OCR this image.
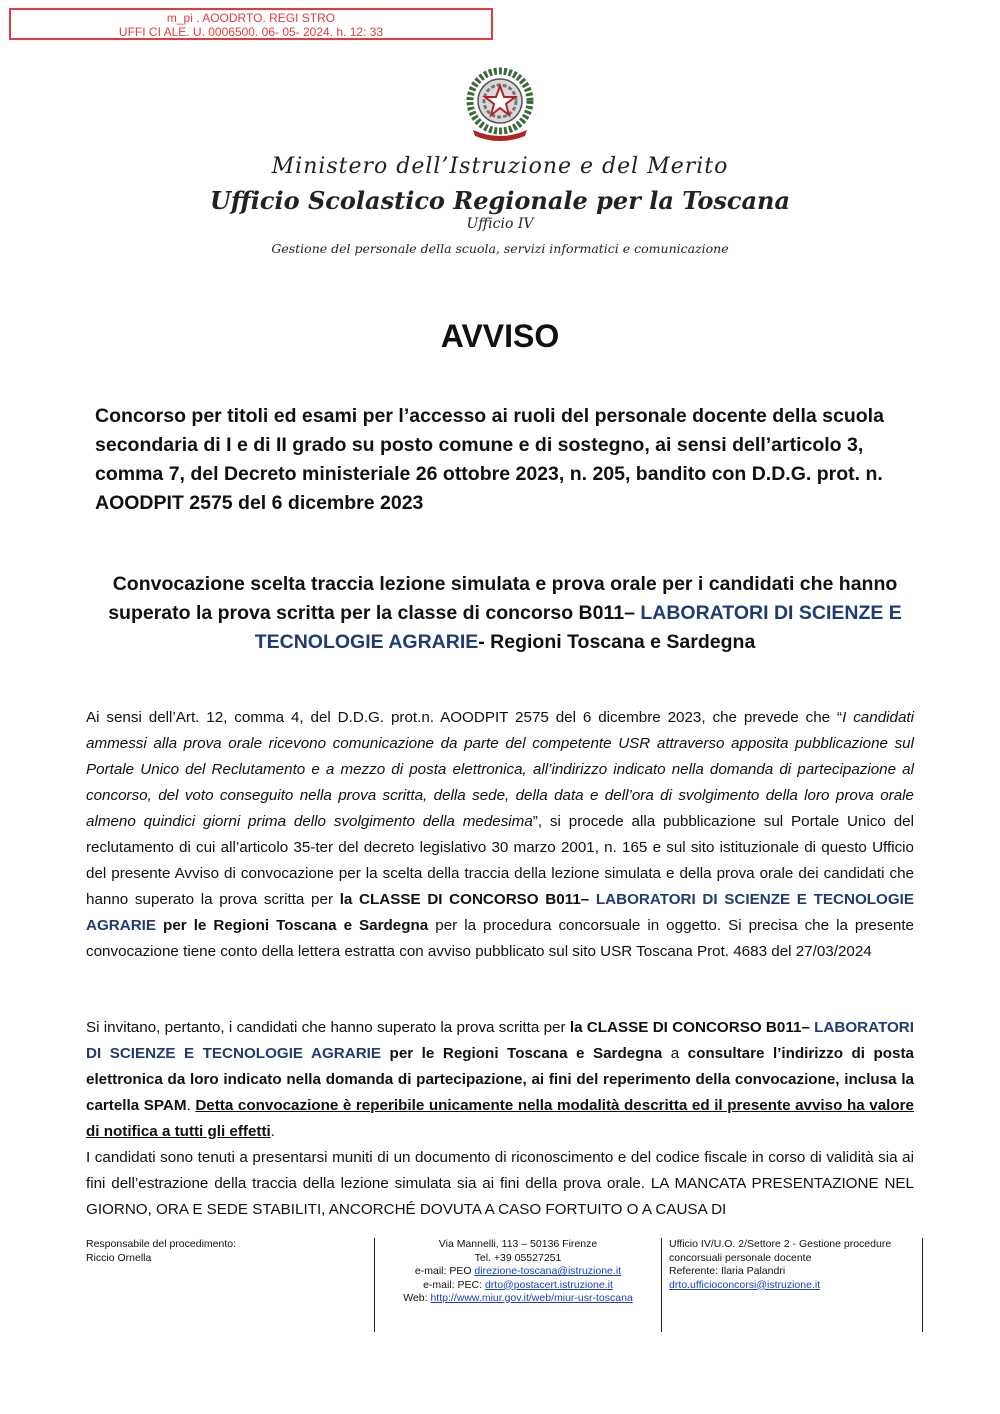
m_pi . AOODRTO. REGI STRO
UFFI CI ALE. U. 0006500. 06- 05- 2024. h. 12: 33
Ministero dell’Istruzione e del Merito
Ufficio Scolastico Regionale per la Toscana
Ufficio IV
Gestione del personale della scuola, servizi informatici e comunicazione
AVVISO
Concorso per titoli ed esami per l’accesso ai ruoli del personale docente della scuola secondaria di I e di II grado su posto comune e di sostegno, ai sensi dell’articolo 3, comma 7, del Decreto ministeriale 26 ottobre 2023, n. 205, bandito con D.D.G. prot. n. AOODPIT 2575 del 6 dicembre 2023
Convocazione scelta traccia lezione simulata e prova orale per i candidati che hanno superato la prova scritta per la classe di concorso B011– LABORATORI DI SCIENZE E TECNOLOGIE AGRARIE- Regioni Toscana e Sardegna
Ai sensi dell’Art. 12, comma 4, del D.D.G. prot.n. AOODPIT 2575 del 6 dicembre 2023, che prevede che “I candidati ammessi alla prova orale ricevono comunicazione da parte del competente USR attraverso apposita pubblicazione sul Portale Unico del Reclutamento e a mezzo di posta elettronica, all’indirizzo indicato nella domanda di partecipazione al concorso, del voto conseguito nella prova scritta, della sede, della data e dell’ora di svolgimento della loro prova orale almeno quindici giorni prima dello svolgimento della medesima”, si procede alla pubblicazione sul Portale Unico del reclutamento di cui all’articolo 35-ter del decreto legislativo 30 marzo 2001, n. 165 e sul sito istituzionale di questo Ufficio del presente Avviso di convocazione per la scelta della traccia della lezione simulata e della prova orale dei candidati che hanno superato la prova scritta per la CLASSE DI CONCORSO B011– LABORATORI DI SCIENZE E TECNOLOGIE AGRARIE per le Regioni Toscana e Sardegna per la procedura concorsuale in oggetto. Si precisa che la presente convocazione tiene conto della lettera estratta con avviso pubblicato sul sito USR Toscana Prot. 4683 del 27/03/2024
Si invitano, pertanto, i candidati che hanno superato la prova scritta per la CLASSE DI CONCORSO B011– LABORATORI DI SCIENZE E TECNOLOGIE AGRARIE per le Regioni Toscana e Sardegna a consultare l’indirizzo di posta elettronica da loro indicato nella domanda di partecipazione, ai fini del reperimento della convocazione, inclusa la cartella SPAM. Detta convocazione è reperibile unicamente nella modalità descritta ed il presente avviso ha valore di notifica a tutti gli effetti.
I candidati sono tenuti a presentarsi muniti di un documento di riconoscimento e del codice fiscale in corso di validità sia ai fini dell’estrazione della traccia della lezione simulata sia ai fini della prova orale. LA MANCATA PRESENTAZIONE NEL GIORNO, ORA E SEDE STABILITI, ANCORCHÉ DOVUTA A CASO FORTUITO O A CAUSA DI
Responsabile del procedimento:
Riccio Ornella
Via Mannelli, 113 – 50136 Firenze
Tel. +39 05527251
e-mail: PEO direzione-toscana@istruzione.it
e-mail: PEC: drto@postacert.istruzione.it
Web: http://www.miur.gov.it/web/miur-usr-toscana
Ufficio IV/U.O. 2/Settore 2 - Gestione procedure
concorsuali personale docente
Referente: Ilaria Palandri
drto.ufficioconcorsi@istruzione.it
